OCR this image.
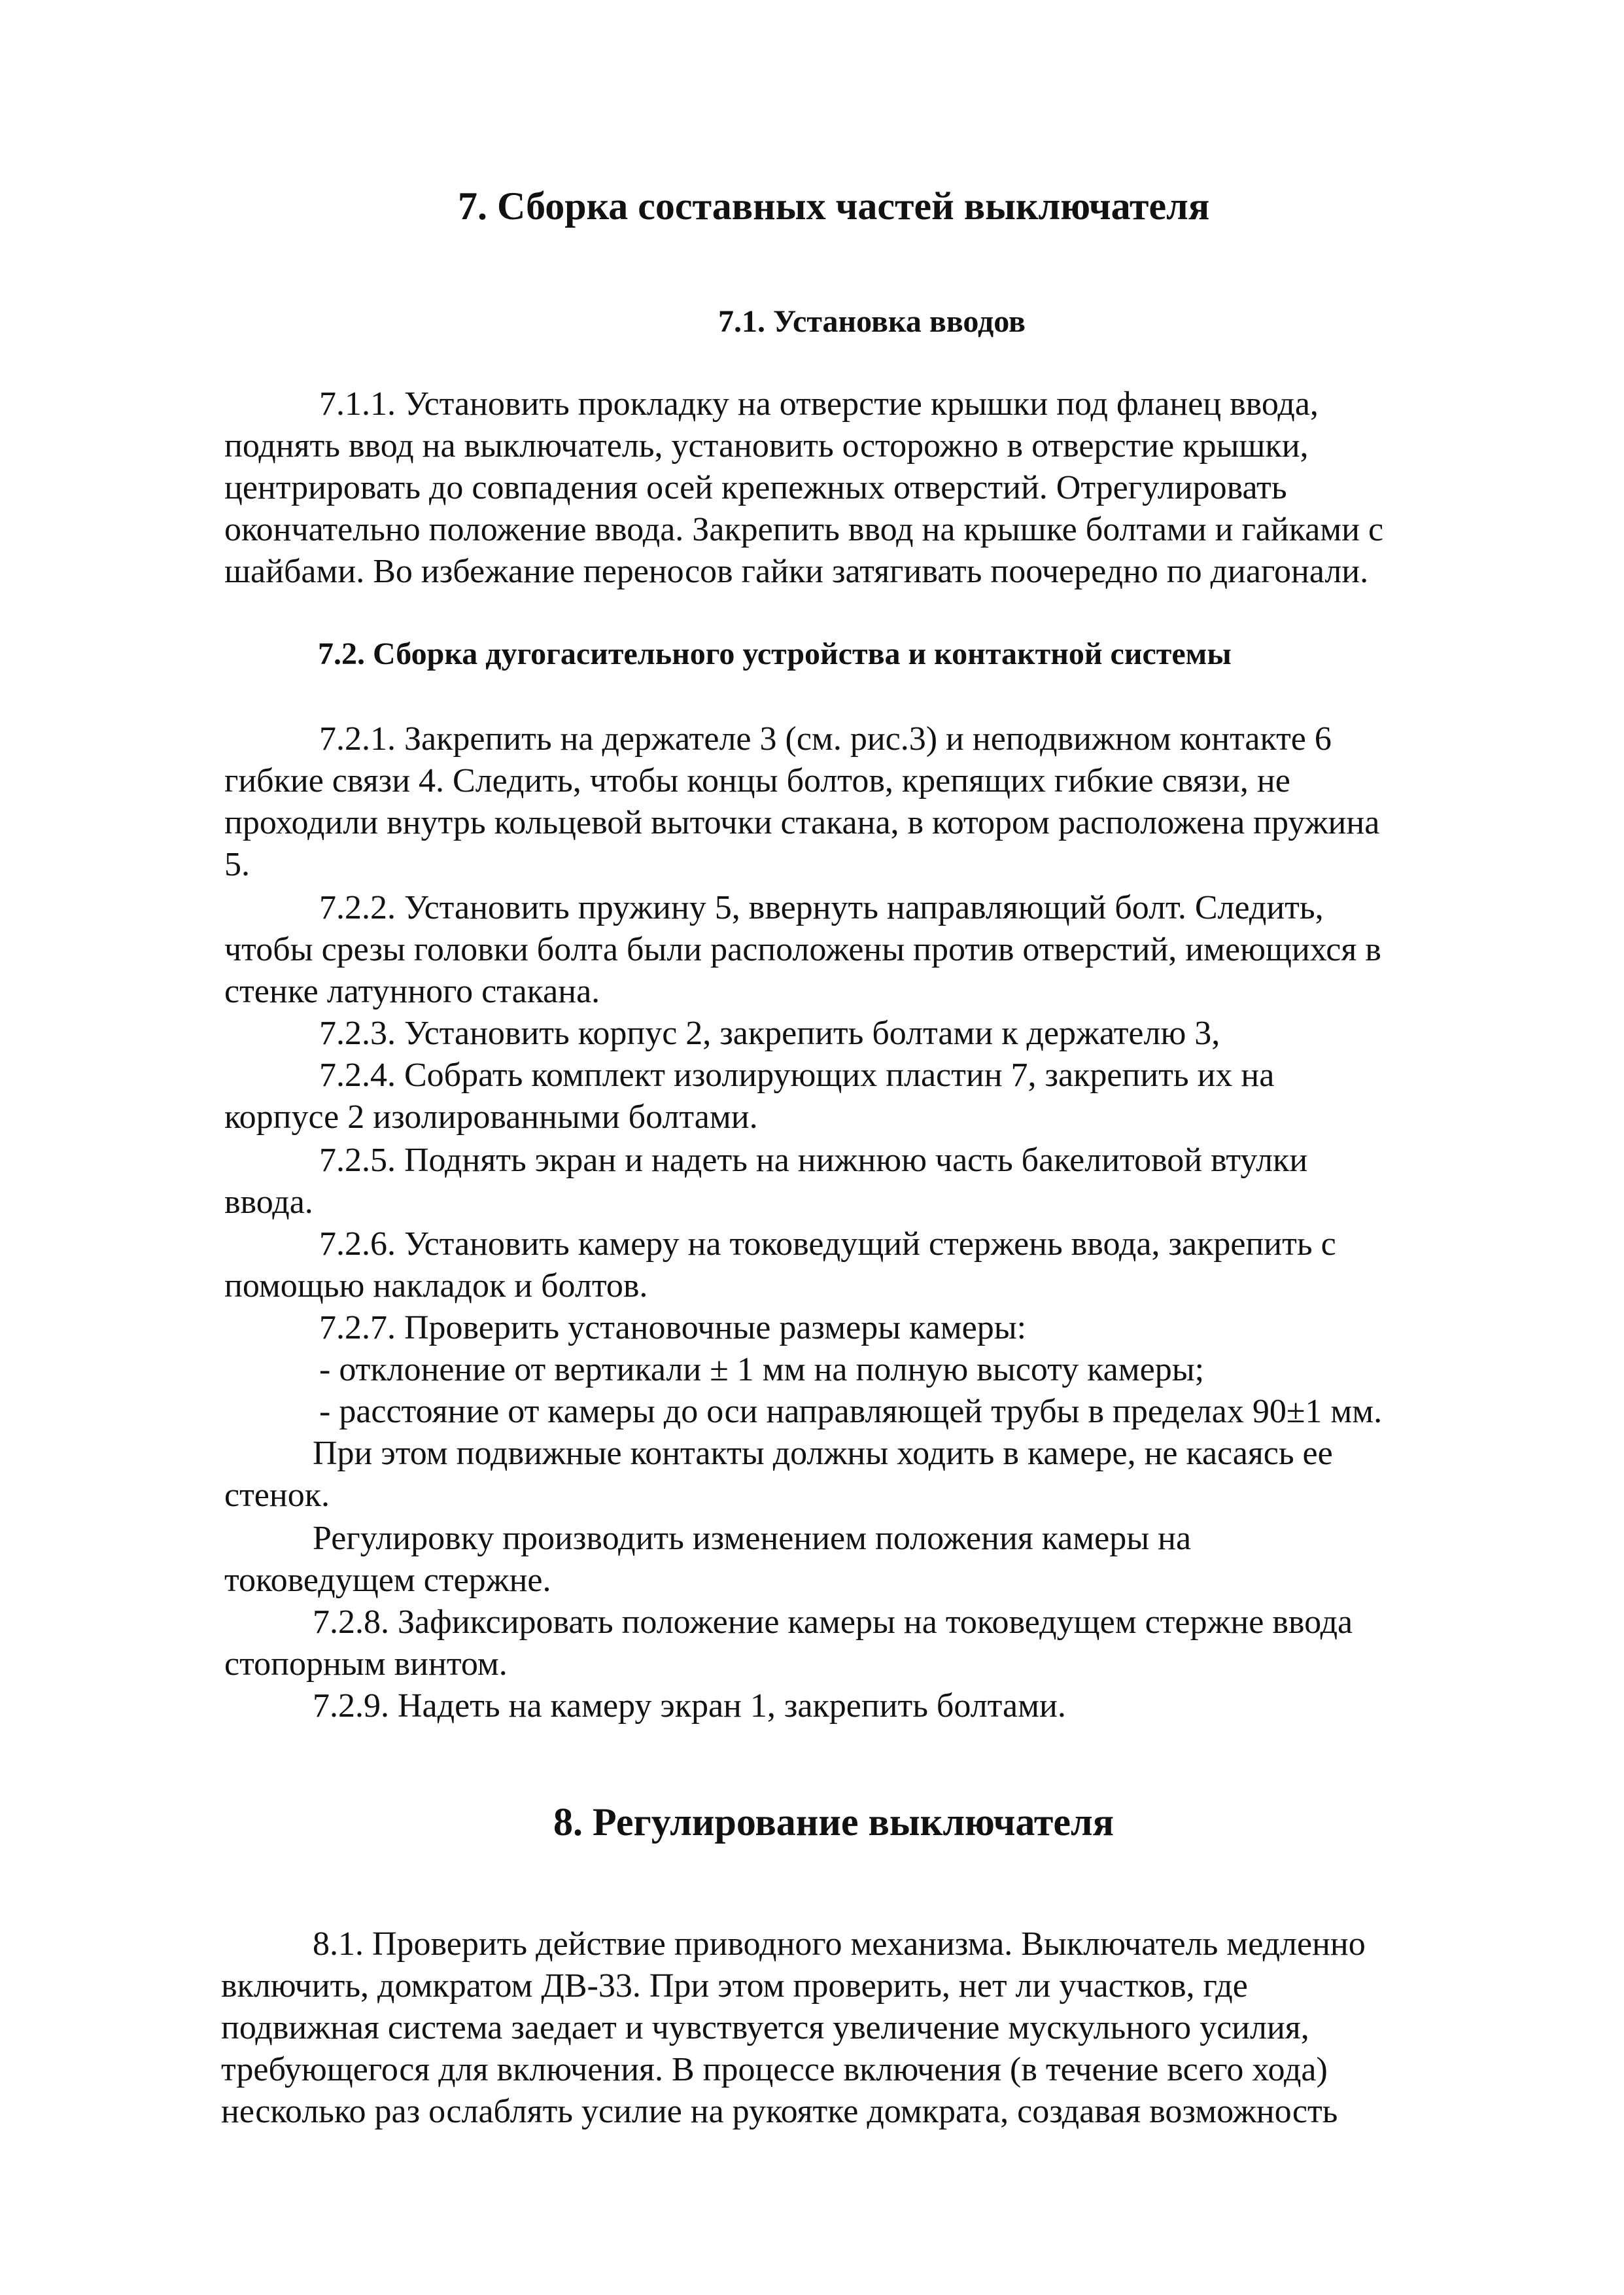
7. Сборка составных частей выключателя
7.1. Установка вводов
7.1.1. Установить прокладку на отверстие крышки под фланец ввода,
поднять ввод на выключатель, установить осторожно в отверстие крышки,
центрировать до совпадения осей крепежных отверстий. Отрегулировать
окончательно положение ввода. Закрепить ввод на крышке болтами и гайками с
шайбами. Во избежание переносов гайки затягивать поочередно по диагонали.
7.2. Сборка дугогасительного устройства и контактной системы
7.2.1. Закрепить на держателе 3 (см. рис.3) и неподвижном контакте 6
гибкие связи 4. Следить, чтобы концы болтов, крепящих гибкие связи, не
проходили внутрь кольцевой выточки стакана, в котором расположена пружина
5.
7.2.2. Установить пружину 5, ввернуть направляющий болт. Следить,
чтобы срезы головки болта были расположены против отверстий, имеющихся в
стенке латунного стакана.
7.2.3. Установить корпус 2, закрепить болтами к держателю 3,
7.2.4. Собрать комплект изолирующих пластин 7, закрепить их на
корпусе 2 изолированными болтами.
7.2.5. Поднять экран и надеть на нижнюю часть бакелитовой втулки
ввода.
7.2.6. Установить камеру на токоведущий стержень ввода, закрепить с
помощью накладок и болтов.
7.2.7. Проверить установочные размеры камеры:
- отклонение от вертикали ± 1 мм на полную высоту камеры;
- расстояние от камеры до оси направляющей трубы в пределах 90±1 мм.
При этом подвижные контакты должны ходить в камере, не касаясь ее
стенок.
Регулировку производить изменением положения камеры на
токоведущем стержне.
7.2.8. Зафиксировать положение камеры на токоведущем стержне ввода
стопорным винтом.
7.2.9. Надеть на камеру экран 1, закрепить болтами.
8. Регулирование выключателя
8.1. Проверить действие приводного механизма. Выключатель медленно
включить, домкратом ДВ-33. При этом проверить, нет ли участков, где
подвижная система заедает и чувствуется увеличение мускульного усилия,
требующегося для включения. В процессе включения (в течение всего хода)
несколько раз ослаблять усилие на рукоятке домкрата, создавая возможность
